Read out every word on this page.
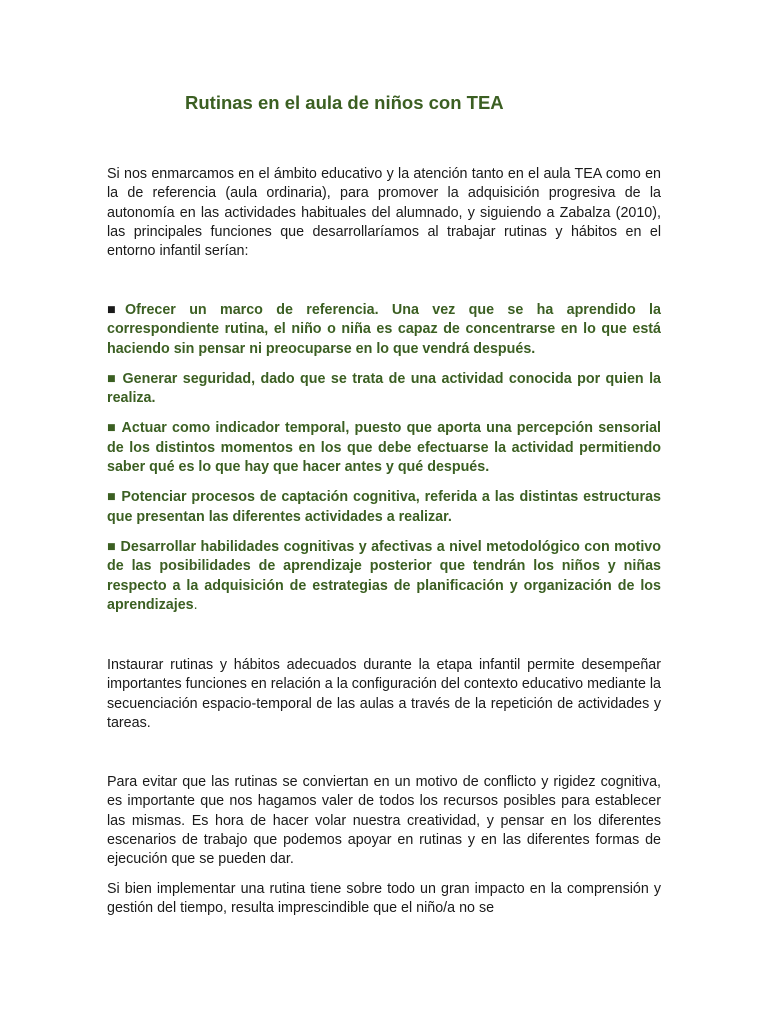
Rutinas en el aula de niños con TEA

Si nos enmarcamos en el ámbito educativo y la atención tanto en el aula TEA como en la de referencia (aula ordinaria), para promover la adquisición progresiva de la autonomía en las actividades habituales del alumnado, y siguiendo a Zabalza (2010), las principales funciones que desarrollaríamos al trabajar rutinas y hábitos en el entorno infantil serían:

■Ofrecer un marco de referencia. Una vez que se ha aprendido la correspondiente rutina, el niño o niña es capaz de concentrarse en lo que está haciendo sin pensar ni preocuparse en lo que vendrá después.

■ Generar seguridad, dado que se trata de una actividad conocida por quien la realiza.

■ Actuar como indicador temporal, puesto que aporta una percepción sensorial de los distintos momentos en los que debe efectuarse la actividad permitiendo saber qué es lo que hay que hacer antes y qué después.

■ Potenciar procesos de captación cognitiva, referida a las distintas estructuras que presentan las diferentes actividades a realizar.

■ Desarrollar habilidades cognitivas y afectivas a nivel metodológico con motivo de las posibilidades de aprendizaje posterior que tendrán los niños y niñas respecto a la adquisición de estrategias de planificación y organización de los aprendizajes.

Instaurar rutinas y hábitos adecuados durante la etapa infantil permite desempeñar importantes funciones en relación a la configuración del contexto educativo mediante la secuenciación espacio-temporal de las aulas a través de la repetición de actividades y tareas.

Para evitar que las rutinas se conviertan en un motivo de conflicto y rigidez cognitiva, es importante que nos hagamos valer de todos los recursos posibles para establecer las mismas. Es hora de hacer volar nuestra creatividad, y pensar en los diferentes escenarios de trabajo que podemos apoyar en rutinas y en las diferentes formas de ejecución que se pueden dar.

Si bien implementar una rutina tiene sobre todo un gran impacto en la comprensión y gestión del tiempo, resulta imprescindible que el niño/a no se
